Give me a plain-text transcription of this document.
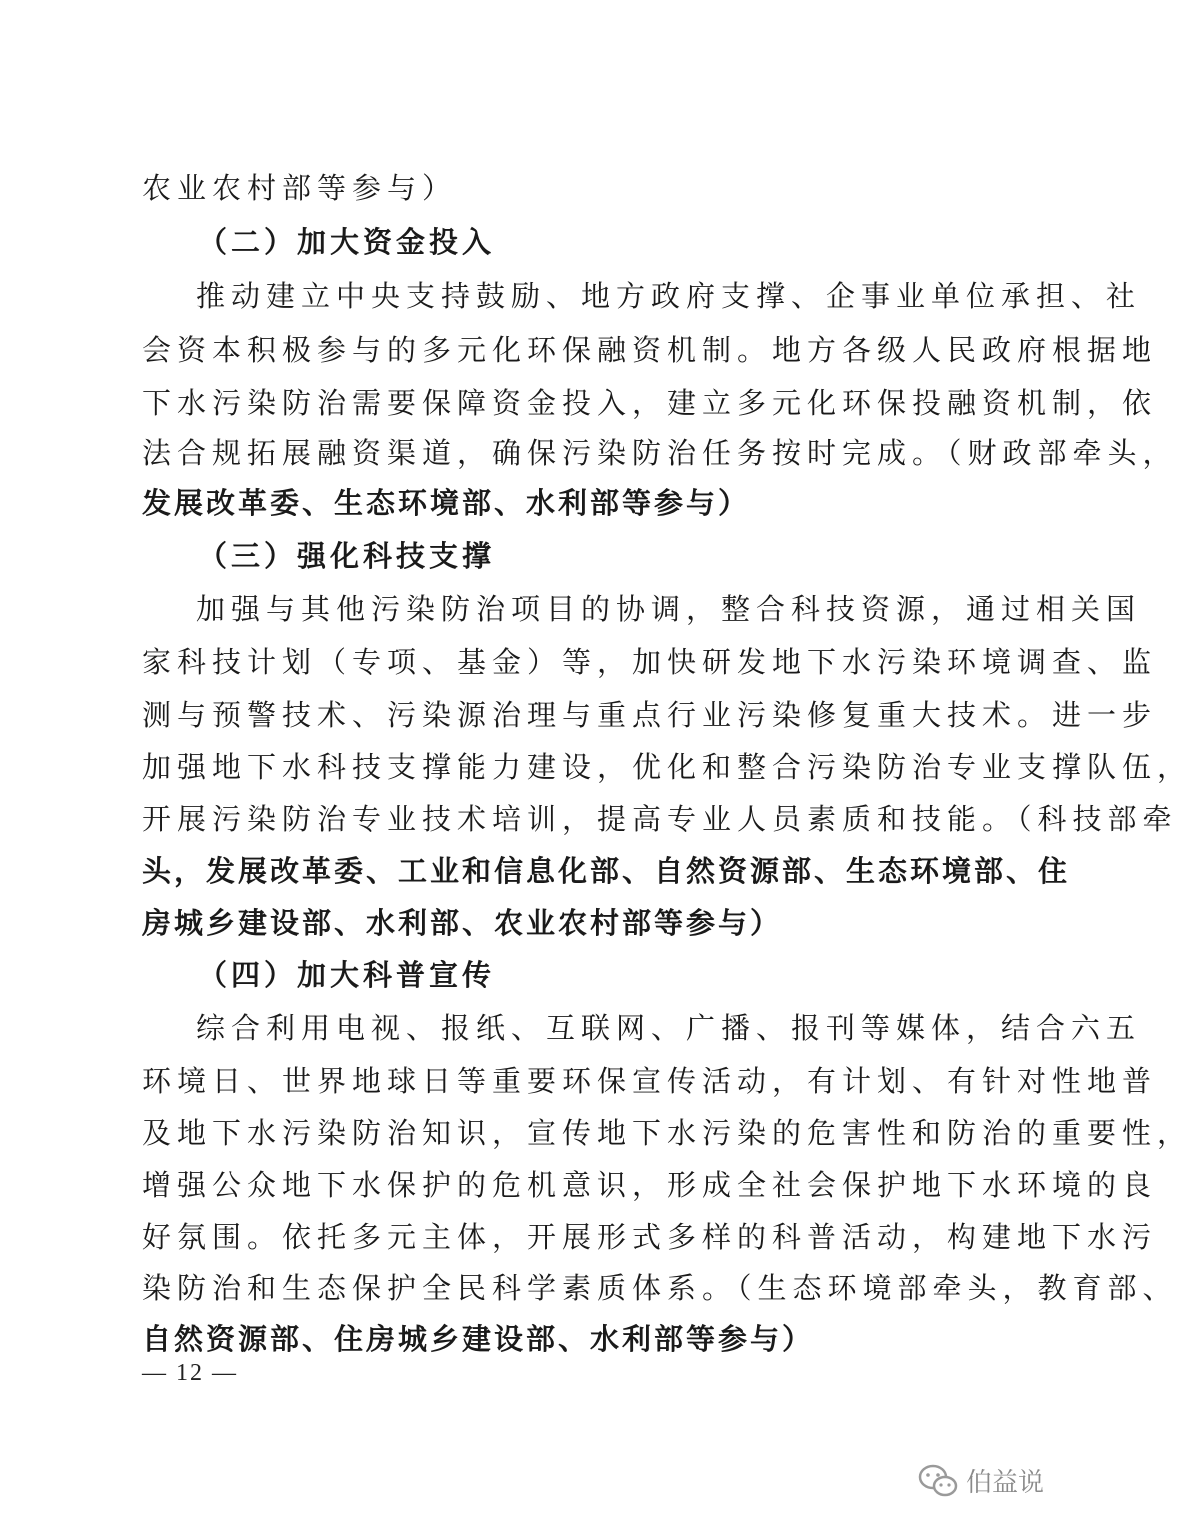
农业农村部等参与）
（二）加大资金投入
推动建立中央支持鼓励、地方政府支撑、企事业单位承担、社
会资本积极参与的多元化环保融资机制。地方各级人民政府根据地
下水污染防治需要保障资金投入，建立多元化环保投融资机制，依
法合规拓展融资渠道，确保污染防治任务按时完成。（财政部牵头，
发展改革委、生态环境部、水利部等参与）
（三）强化科技支撑
加强与其他污染防治项目的协调，整合科技资源，通过相关国
家科技计划（专项、基金）等，加快研发地下水污染环境调查、监
测与预警技术、污染源治理与重点行业污染修复重大技术。进一步
加强地下水科技支撑能力建设，优化和整合污染防治专业支撑队伍，
开展污染防治专业技术培训，提高专业人员素质和技能。（科技部牵
头，发展改革委、工业和信息化部、自然资源部、生态环境部、住
房城乡建设部、水利部、农业农村部等参与）
（四）加大科普宣传
综合利用电视、报纸、互联网、广播、报刊等媒体，结合六五
环境日、世界地球日等重要环保宣传活动，有计划、有针对性地普
及地下水污染防治知识，宣传地下水污染的危害性和防治的重要性，
增强公众地下水保护的危机意识，形成全社会保护地下水环境的良
好氛围。依托多元主体，开展形式多样的科普活动，构建地下水污
染防治和生态保护全民科学素质体系。（生态环境部牵头，教育部、
自然资源部、住房城乡建设部、水利部等参与）
— 12 —
伯益说
